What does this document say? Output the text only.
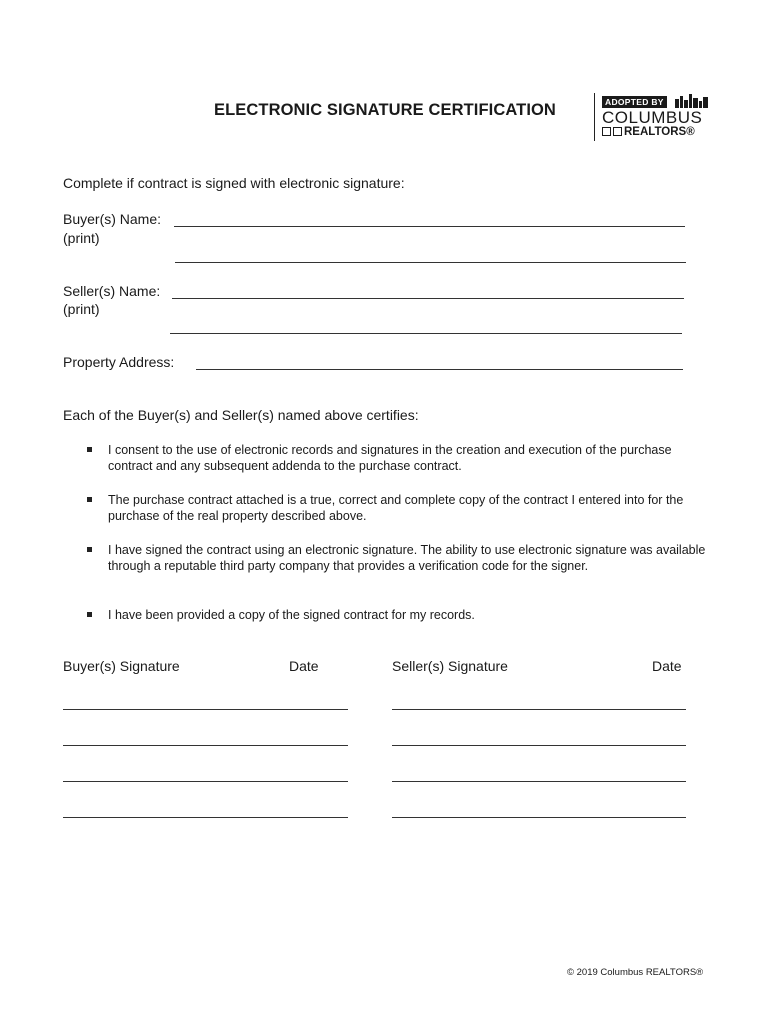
ELECTRONIC SIGNATURE CERTIFICATION	ADOPTED BY
COLUMBUS
REALTORS®
Complete if contract is signed with electronic signature:
Buyer(s) Name:
(print)
Seller(s) Name:
(print)
Property Address:
Each of the Buyer(s) and Seller(s) named above certifies:
I consent to the use of electronic records and signatures in the creation and execution of the purchase contract and any subsequent addenda to the purchase contract.
The purchase contract attached is a true, correct and complete copy of the contract I entered into for the purchase of the real property described above.
I have signed the contract using an electronic signature. The ability to use electronic signature was available through a reputable third party company that provides a verification code for the signer.
I have been provided a copy of the signed contract for my records.
Buyer(s) Signature	Date	Seller(s) Signature	Date
© 2019 Columbus REALTORS®
